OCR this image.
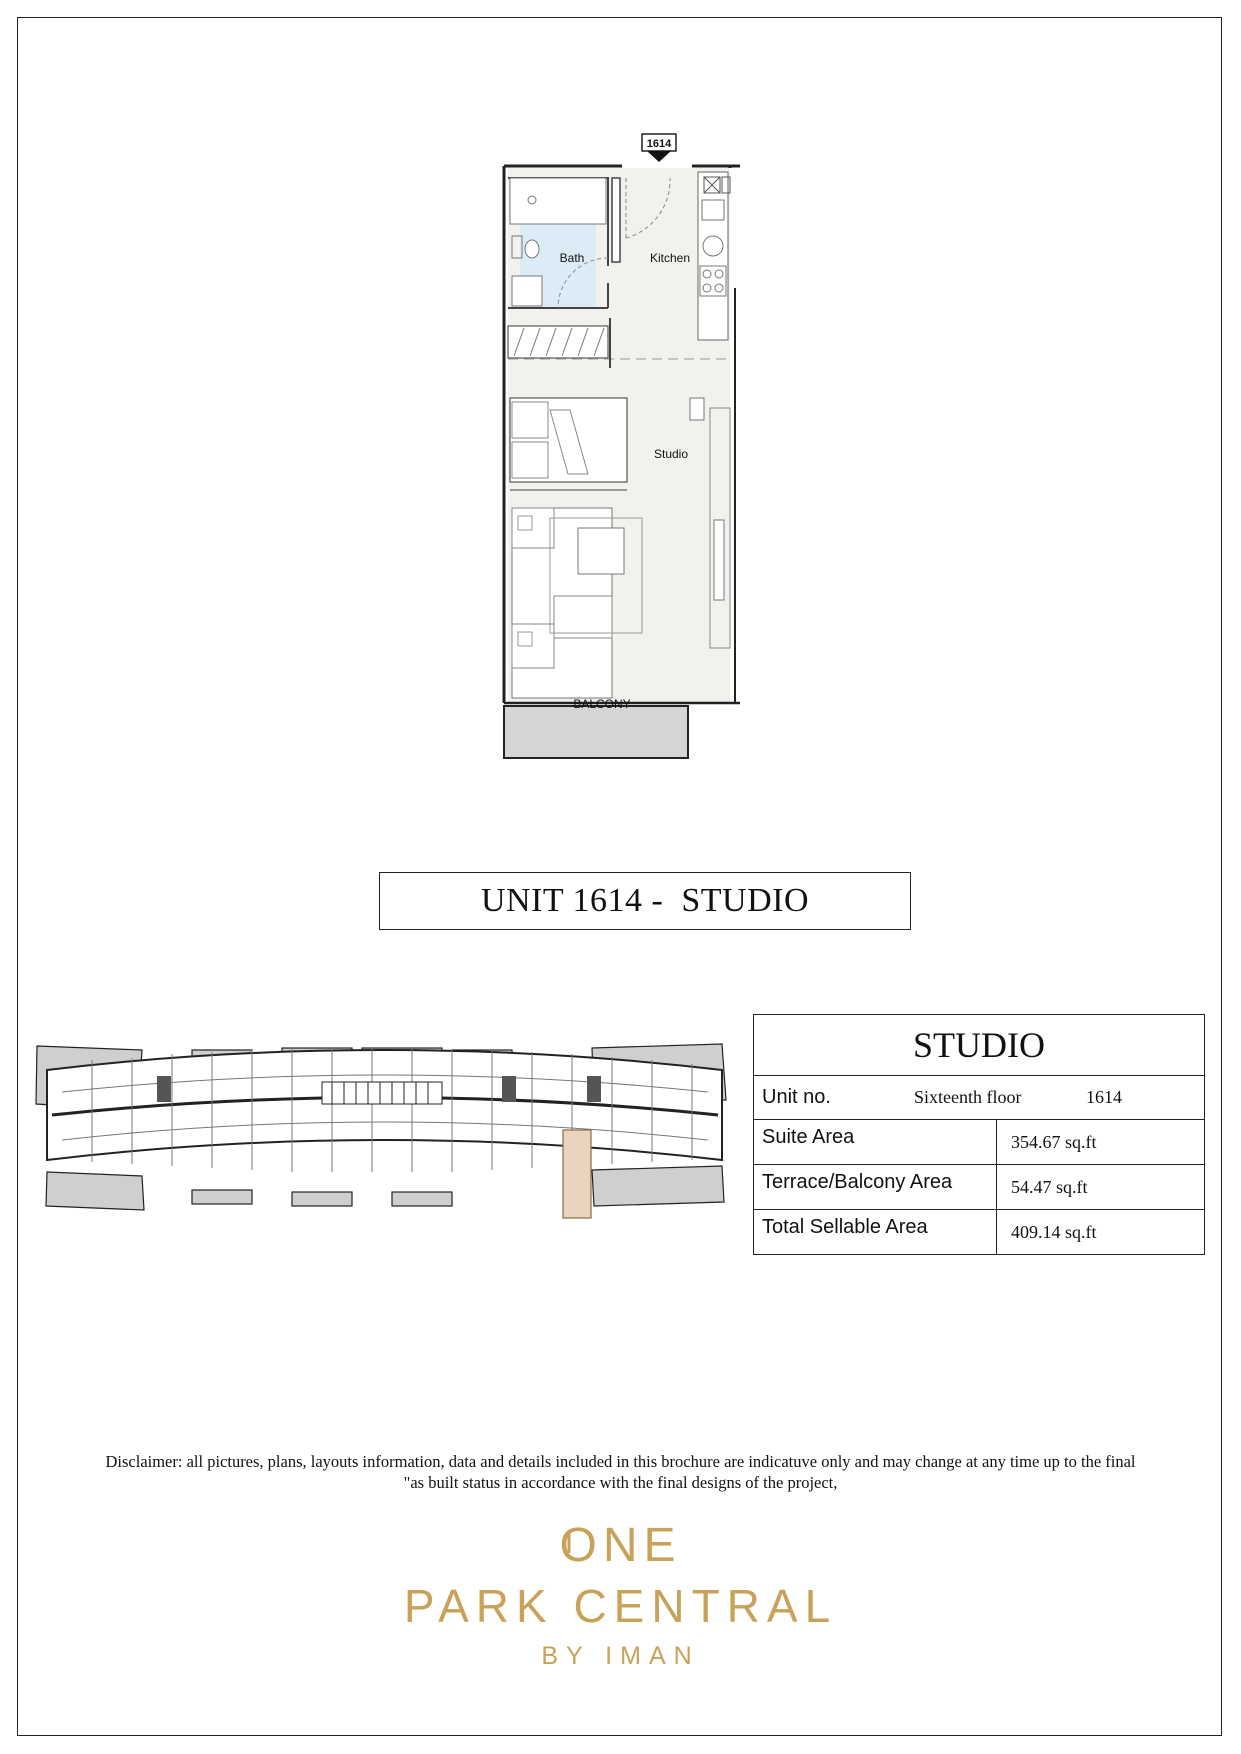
1614
Bath	Kitchen
Studio
BALCONY
UNIT 1614 -  STUDIO
STUDIO
Unit no.	Sixteenth floor	1614
Suite Area	354.67 sq.ft
Terrace/Balcony Area	54.47 sq.ft
Total Sellable Area	409.14 sq.ft
Disclaimer: all pictures, plans, layouts information, data and details included in this brochure are indicatuve only and may change at any time up to the final
"as built status in accordance with the final designs of the project,
ONE
PARK CENTRAL
BY IMAN
